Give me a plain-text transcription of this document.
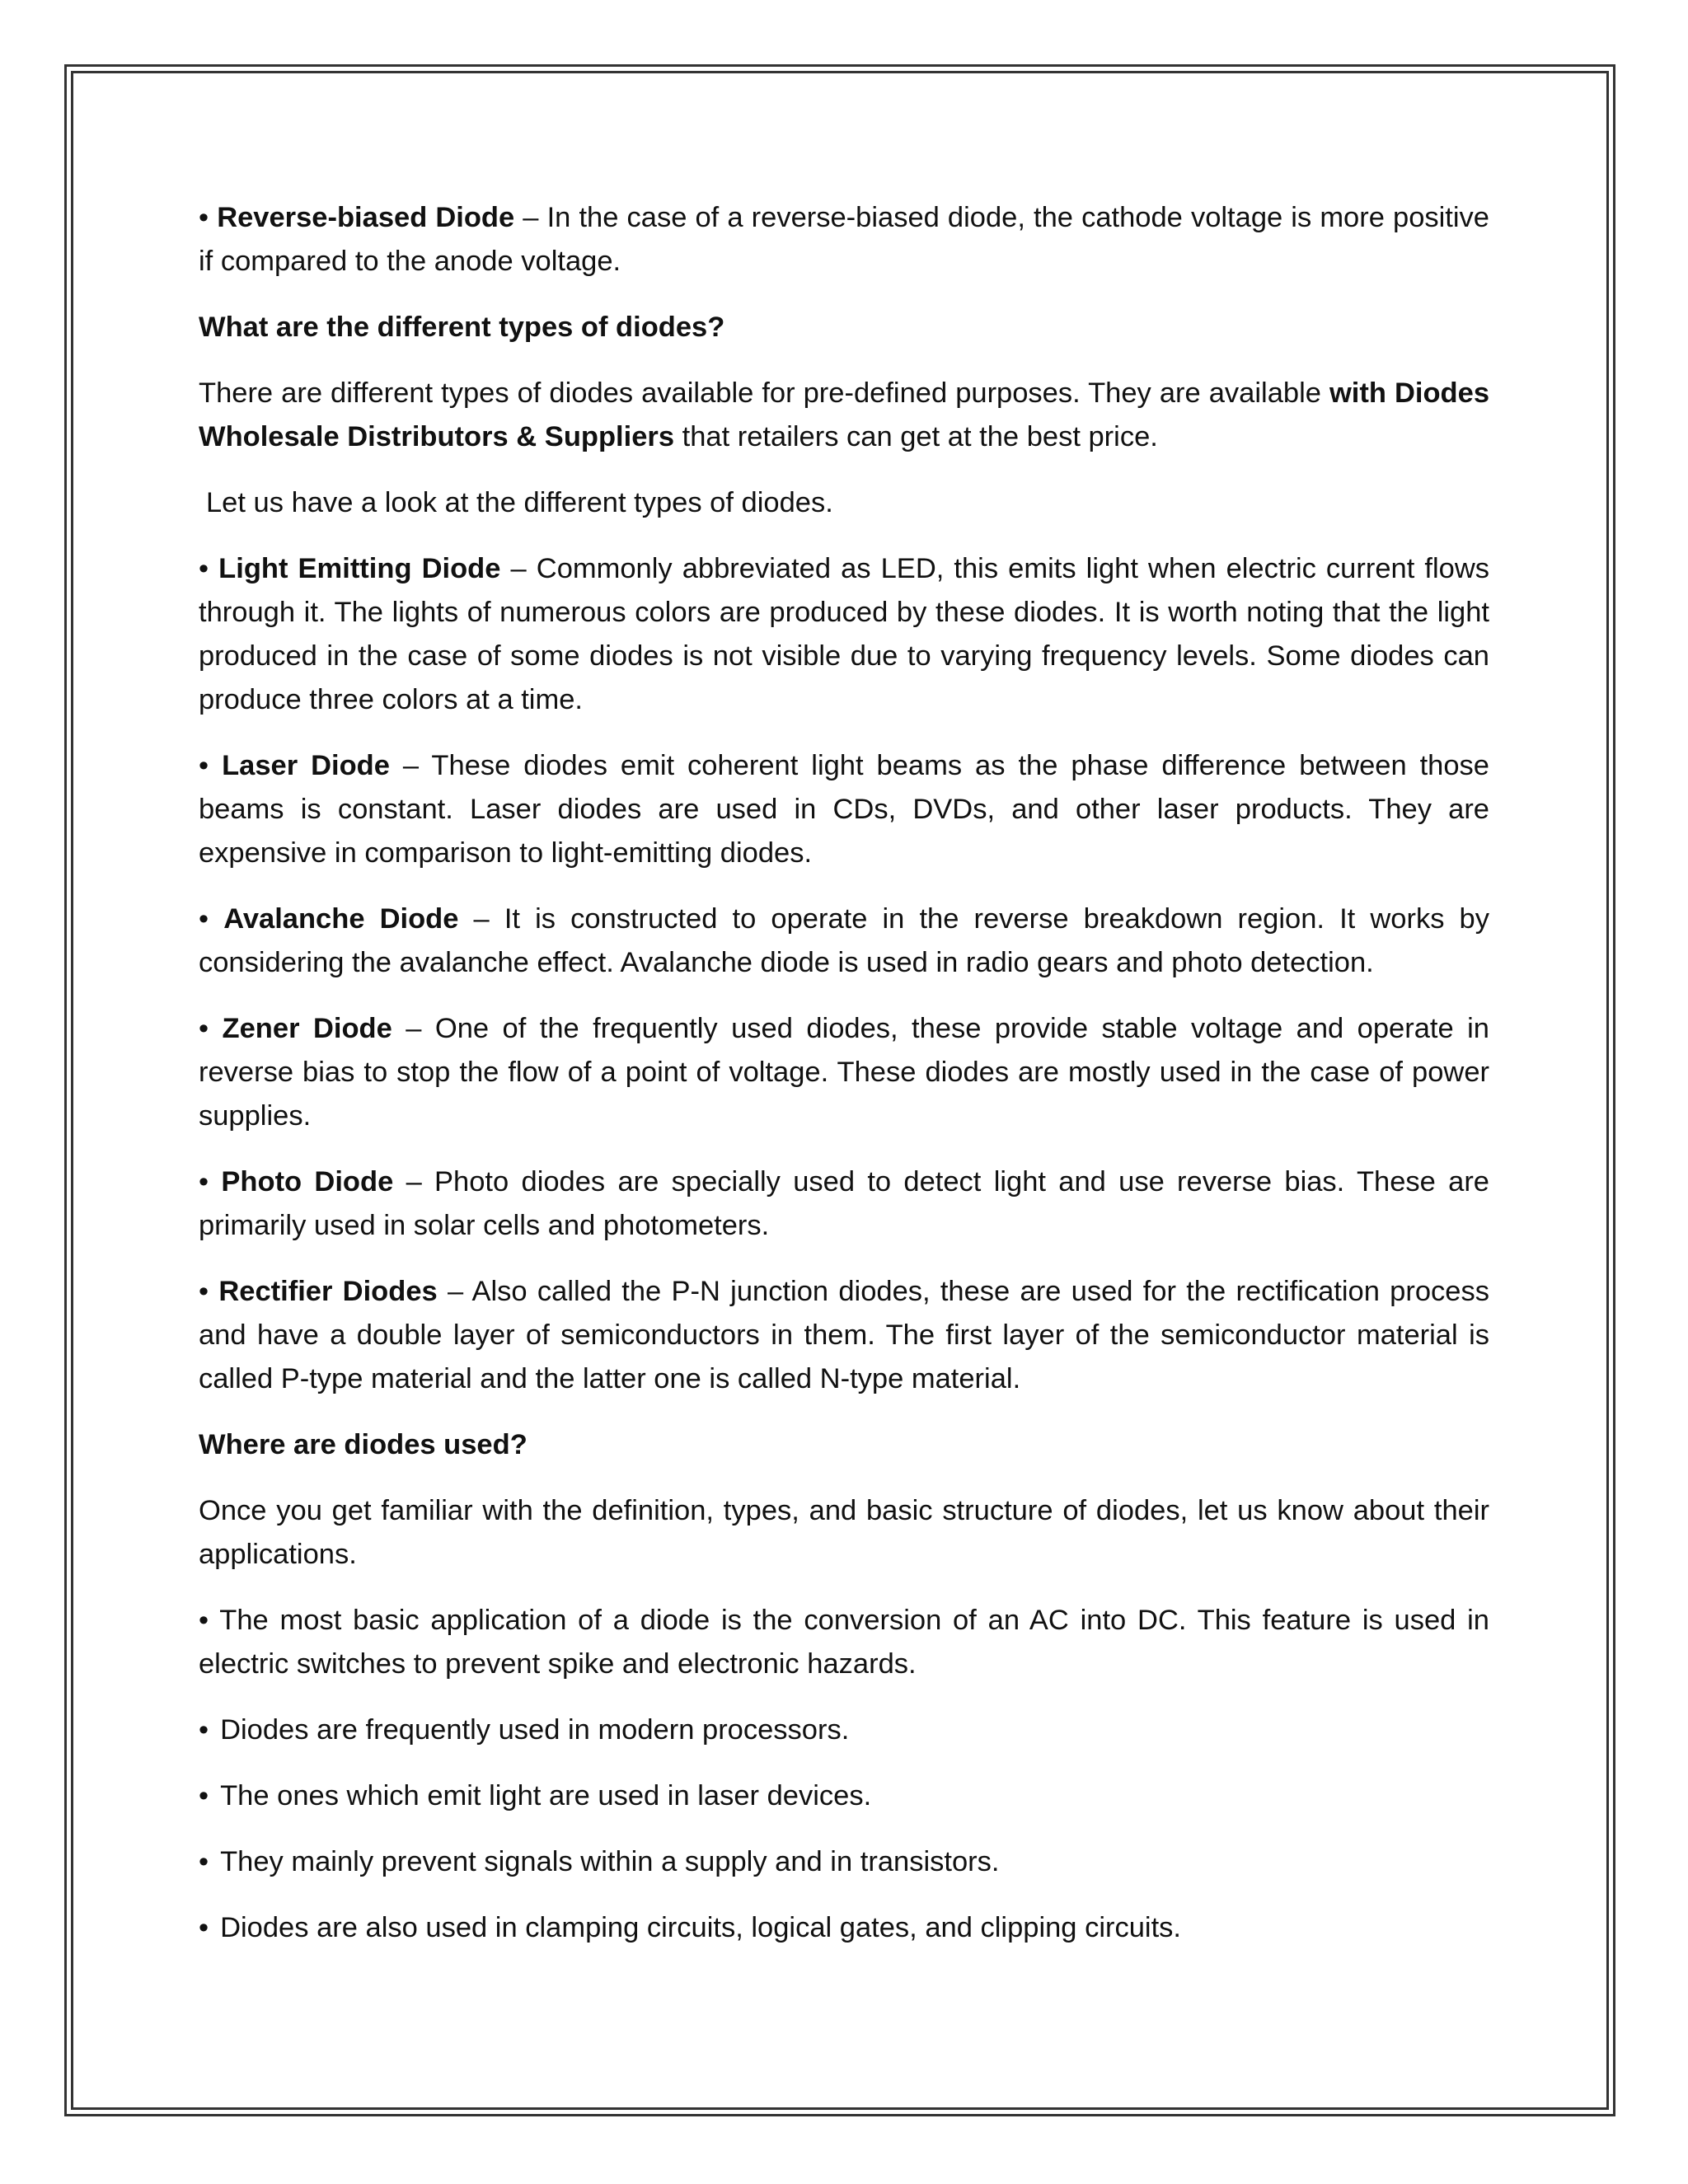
• Reverse-biased Diode – In the case of a reverse-biased diode, the cathode voltage is more positive if compared to the anode voltage.

What are the different types of diodes?

There are different types of diodes available for pre-defined purposes. They are available with Diodes Wholesale Distributors & Suppliers that retailers can get at the best price.

Let us have a look at the different types of diodes.

• Light Emitting Diode – Commonly abbreviated as LED, this emits light when electric current flows through it. The lights of numerous colors are produced by these diodes. It is worth noting that the light produced in the case of some diodes is not visible due to varying frequency levels. Some diodes can produce three colors at a time.

• Laser Diode – These diodes emit coherent light beams as the phase difference between those beams is constant. Laser diodes are used in CDs, DVDs, and other laser products. They are expensive in comparison to light-emitting diodes.

• Avalanche Diode – It is constructed to operate in the reverse breakdown region. It works by considering the avalanche effect. Avalanche diode is used in radio gears and photo detection.

• Zener Diode – One of the frequently used diodes, these provide stable voltage and operate in reverse bias to stop the flow of a point of voltage. These diodes are mostly used in the case of power supplies.

• Photo Diode – Photo diodes are specially used to detect light and use reverse bias. These are primarily used in solar cells and photometers.

• Rectifier Diodes – Also called the P-N junction diodes, these are used for the rectification process and have a double layer of semiconductors in them. The first layer of the semiconductor material is called P-type material and the latter one is called N-type material.

Where are diodes used?

Once you get familiar with the definition, types, and basic structure of diodes, let us know about their applications.

• The most basic application of a diode is the conversion of an AC into DC. This feature is used in electric switches to prevent spike and electronic hazards.

• Diodes are frequently used in modern processors.

• The ones which emit light are used in laser devices.

• They mainly prevent signals within a supply and in transistors.

• Diodes are also used in clamping circuits, logical gates, and clipping circuits.
